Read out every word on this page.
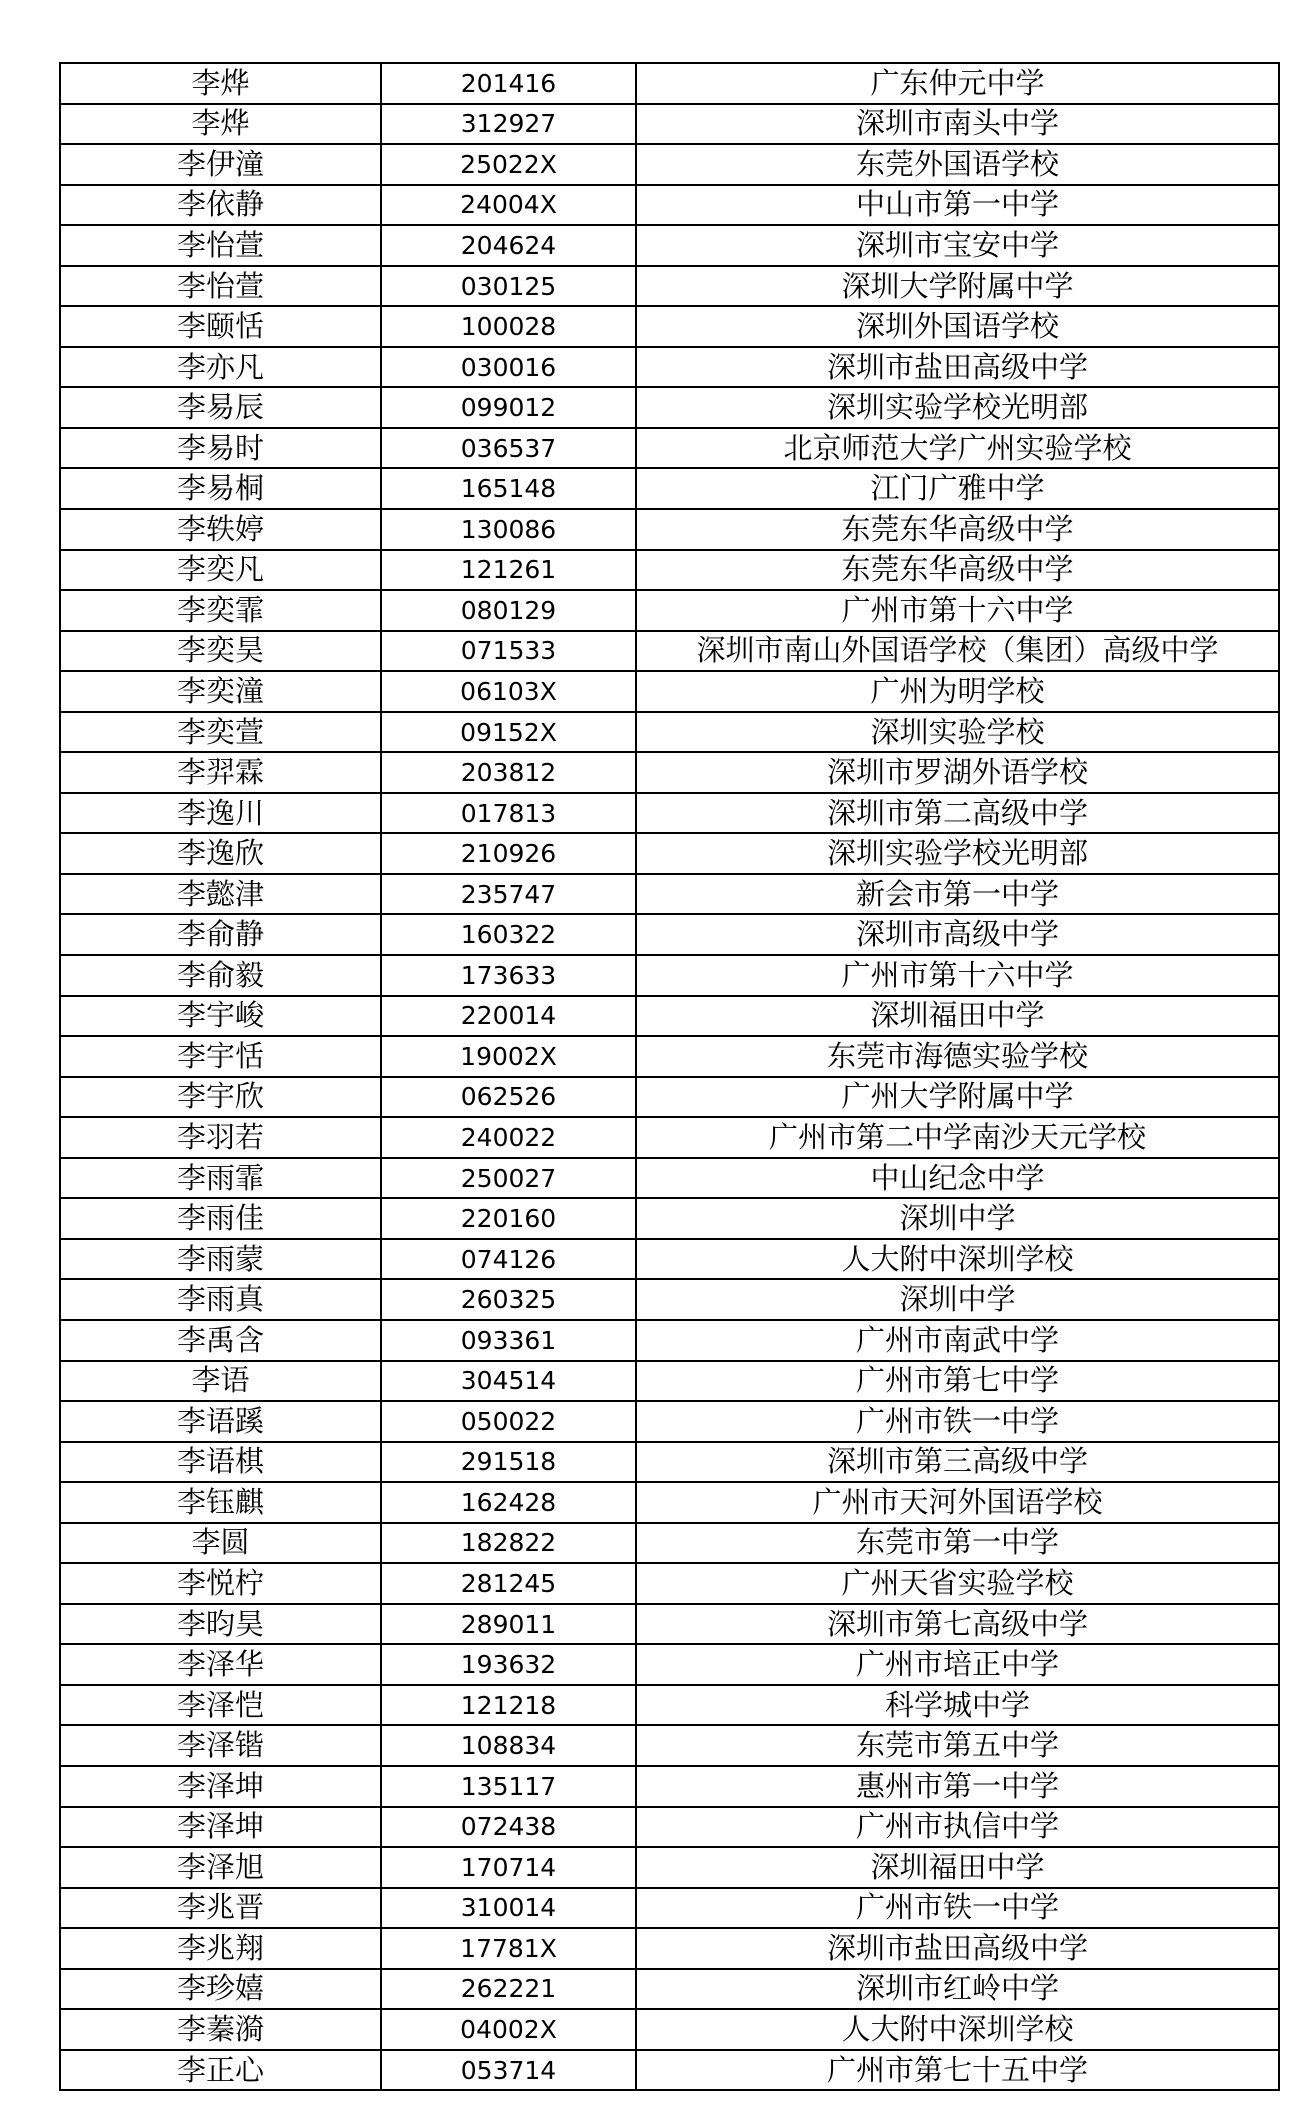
李烨	201416	广东仲元中学
李烨	312927	深圳市南头中学
李伊潼	25022X	东莞外国语学校
李依静	24004X	中山市第一中学
李怡萱	204624	深圳市宝安中学
李怡萱	030125	深圳大学附属中学
李颐恬	100028	深圳外国语学校
李亦凡	030016	深圳市盐田高级中学
李易辰	099012	深圳实验学校光明部
李易时	036537	北京师范大学广州实验学校
李易桐	165148	江门广雅中学
李轶婷	130086	东莞东华高级中学
李奕凡	121261	东莞东华高级中学
李奕霏	080129	广州市第十六中学
李奕昊	071533	深圳市南山外国语学校（集团）高级中学
李奕潼	06103X	广州为明学校
李奕萱	09152X	深圳实验学校
李羿霖	203812	深圳市罗湖外语学校
李逸川	017813	深圳市第二高级中学
李逸欣	210926	深圳实验学校光明部
李懿津	235747	新会市第一中学
李俞静	160322	深圳市高级中学
李俞毅	173633	广州市第十六中学
李宇峻	220014	深圳福田中学
李宇恬	19002X	东莞市海德实验学校
李宇欣	062526	广州大学附属中学
李羽若	240022	广州市第二中学南沙天元学校
李雨霏	250027	中山纪念中学
李雨佳	220160	深圳中学
李雨蒙	074126	人大附中深圳学校
李雨真	260325	深圳中学
李禹含	093361	广州市南武中学
李语	304514	广州市第七中学
李语蹊	050022	广州市铁一中学
李语棋	291518	深圳市第三高级中学
李钰麒	162428	广州市天河外国语学校
李圆	182822	东莞市第一中学
李悦柠	281245	广州天省实验学校
李昀昊	289011	深圳市第七高级中学
李泽华	193632	广州市培正中学
李泽恺	121218	科学城中学
李泽锴	108834	东莞市第五中学
李泽坤	135117	惠州市第一中学
李泽坤	072438	广州市执信中学
李泽旭	170714	深圳福田中学
李兆晋	310014	广州市铁一中学
李兆翔	17781X	深圳市盐田高级中学
李珍嬉	262221	深圳市红岭中学
李蓁漪	04002X	人大附中深圳学校
李正心	053714	广州市第七十五中学
